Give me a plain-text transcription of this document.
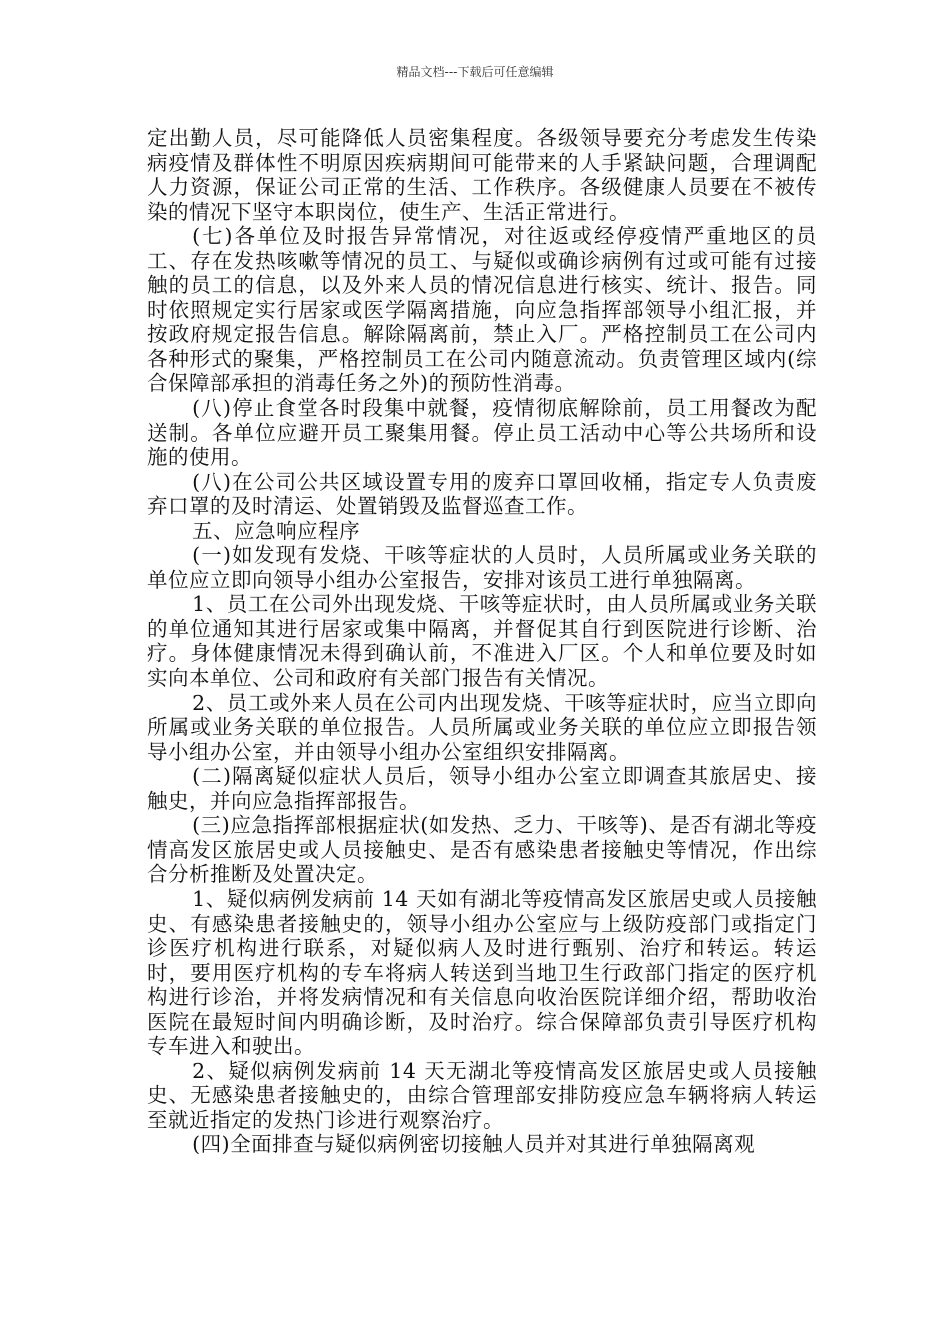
精品文档---下载后可任意编辑

定出勤人员，尽可能降低人员密集程度。各级领导要充分考虑发生传染病疫情及群体性不明原因疾病期间可能带来的人手紧缺问题，合理调配人力资源，保证公司正常的生活、工作秩序。各级健康人员要在不被传染的情况下坚守本职岗位，使生产、生活正常进行。

(七)各单位及时报告异常情况，对往返或经停疫情严重地区的员工、存在发热咳嗽等情况的员工、与疑似或确诊病例有过或可能有过接触的员工的信息，以及外来人员的情况信息进行核实、统计、报告。同时依照规定实行居家或医学隔离措施，向应急指挥部领导小组汇报，并按政府规定报告信息。解除隔离前，禁止入厂。严格控制员工在公司内各种形式的聚集，严格控制员工在公司内随意流动。负责管理区域内(综合保障部承担的消毒任务之外)的预防性消毒。

(八)停止食堂各时段集中就餐，疫情彻底解除前，员工用餐改为配送制。各单位应避开员工聚集用餐。停止员工活动中心等公共场所和设施的使用。

(八)在公司公共区域设置专用的废弃口罩回收桶，指定专人负责废弃口罩的及时清运、处置销毁及监督巡查工作。

五、应急响应程序

(一)如发现有发烧、干咳等症状的人员时，人员所属或业务关联的单位应立即向领导小组办公室报告，安排对该员工进行单独隔离。

1、员工在公司外出现发烧、干咳等症状时，由人员所属或业务关联的单位通知其进行居家或集中隔离，并督促其自行到医院进行诊断、治疗。身体健康情况未得到确认前，不准进入厂区。个人和单位要及时如实向本单位、公司和政府有关部门报告有关情况。

2、员工或外来人员在公司内出现发烧、干咳等症状时，应当立即向所属或业务关联的单位报告。人员所属或业务关联的单位应立即报告领导小组办公室，并由领导小组办公室组织安排隔离。

(二)隔离疑似症状人员后，领导小组办公室立即调查其旅居史、接触史，并向应急指挥部报告。

(三)应急指挥部根据症状(如发热、乏力、干咳等)、是否有湖北等疫情高发区旅居史或人员接触史、是否有感染患者接触史等情况，作出综合分析推断及处置决定。

1、疑似病例发病前 14 天如有湖北等疫情高发区旅居史或人员接触史、有感染患者接触史的，领导小组办公室应与上级防疫部门或指定门诊医疗机构进行联系，对疑似病人及时进行甄别、治疗和转运。转运时，要用医疗机构的专车将病人转送到当地卫生行政部门指定的医疗机构进行诊治，并将发病情况和有关信息向收治医院详细介绍，帮助收治医院在最短时间内明确诊断，及时治疗。综合保障部负责引导医疗机构专车进入和驶出。

2、疑似病例发病前 14 天无湖北等疫情高发区旅居史或人员接触史、无感染患者接触史的，由综合管理部安排防疫应急车辆将病人转运至就近指定的发热门诊进行观察治疗。

(四)全面排查与疑似病例密切接触人员并对其进行单独隔离观
